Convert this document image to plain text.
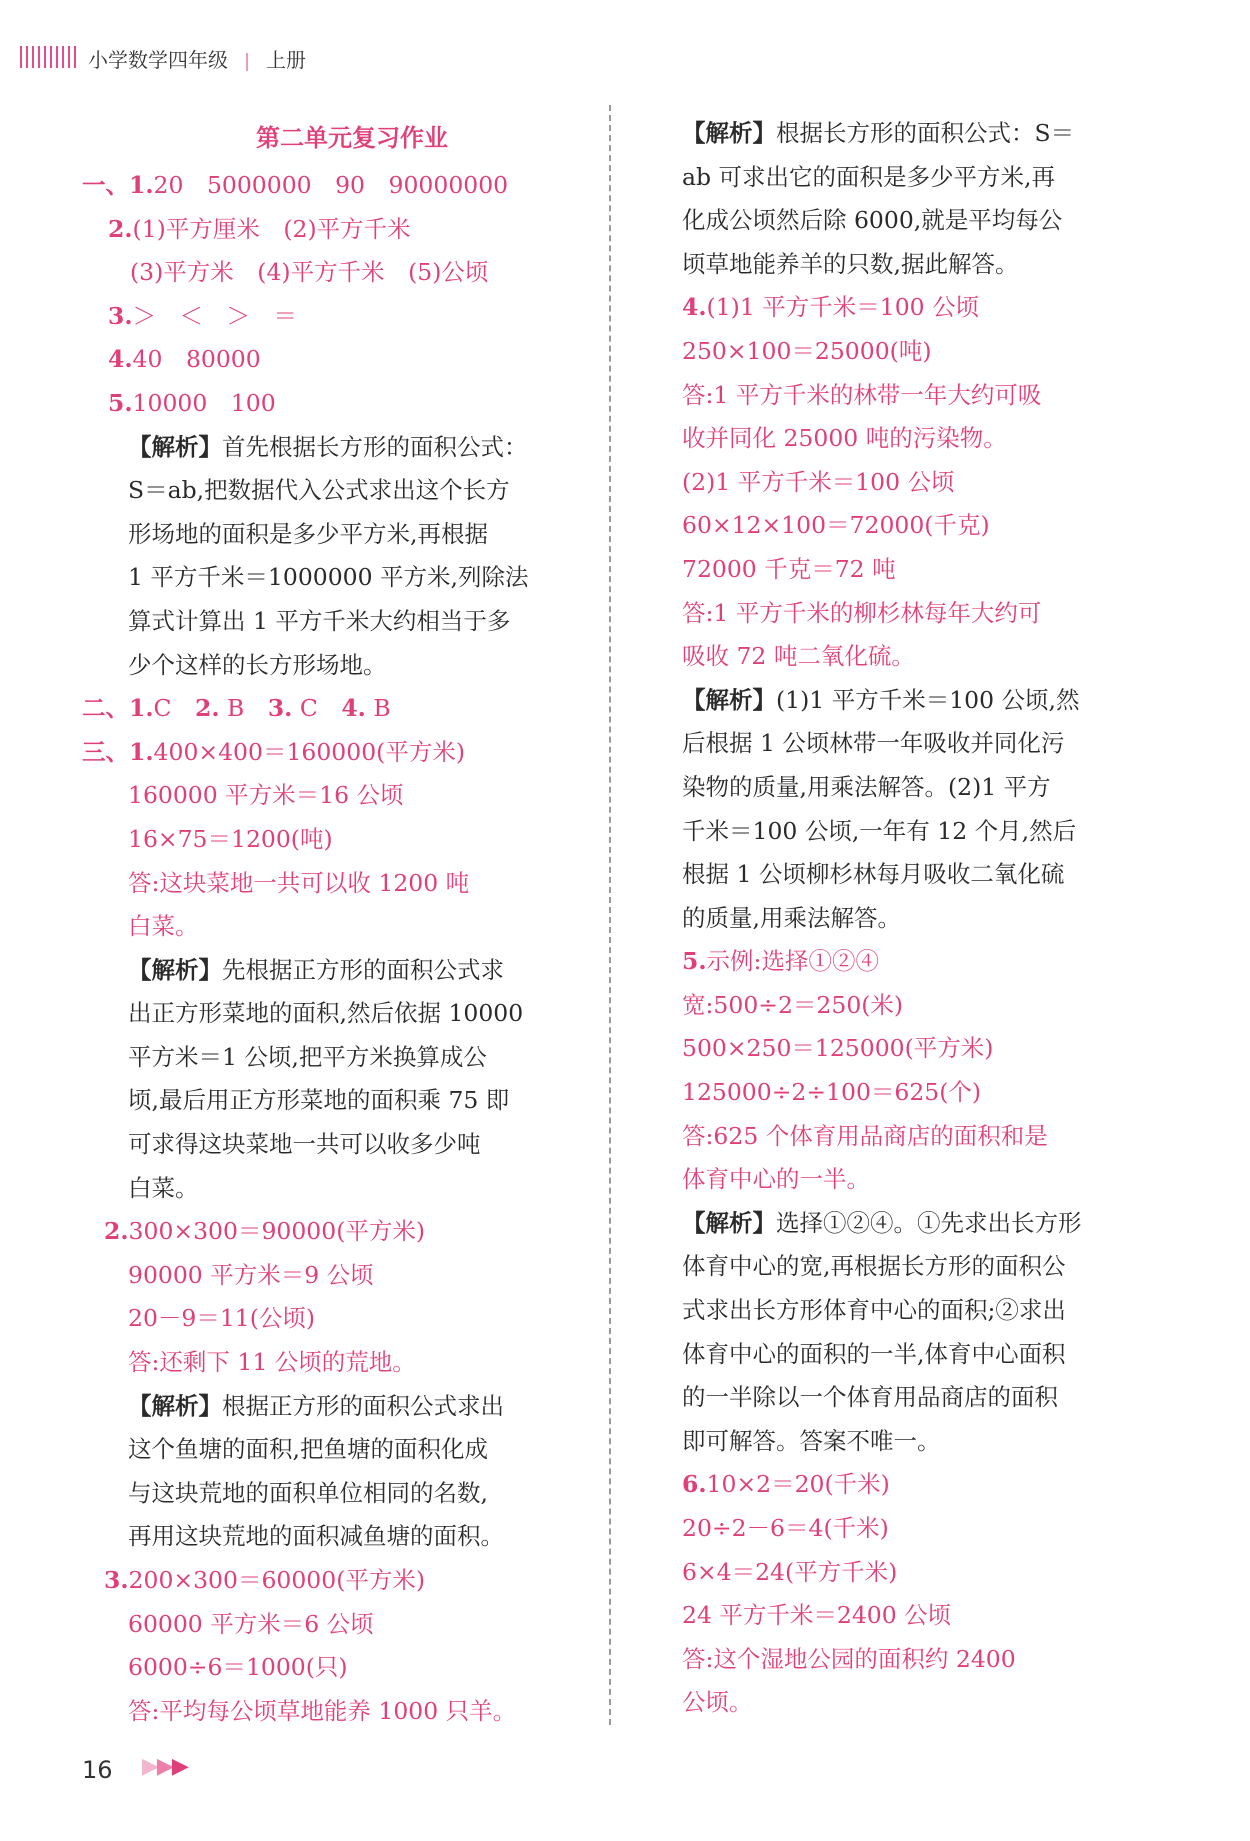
小学数学四年级 上册
第二单元复习作业
一、1.20　5000000　90　90000000
2.(1)平方厘米　(2)平方千米
(3)平方米　(4)平方千米　(5)公顷
3.＞　＜　＞　＝
4.40　80000
5.10000　100
【解析】首先根据长方形的面积公式：
S＝ab,把数据代入公式求出这个长方
形场地的面积是多少平方米,再根据
1 平方千米＝1000000 平方米,列除法
算式计算出 1 平方千米大约相当于多
少个这样的长方形场地。
二、1.C　2. B　3. C　4. B
三、1.400×400＝160000(平方米)
160000 平方米＝16 公顷
16×75＝1200(吨)
答:这块菜地一共可以收 1200 吨
白菜。
【解析】先根据正方形的面积公式求
出正方形菜地的面积,然后依据 10000
平方米＝1 公顷,把平方米换算成公
顷,最后用正方形菜地的面积乘 75 即
可求得这块菜地一共可以收多少吨
白菜。
2.300×300＝90000(平方米)
90000 平方米＝9 公顷
20－9＝11(公顷)
答:还剩下 11 公顷的荒地。
【解析】根据正方形的面积公式求出
这个鱼塘的面积,把鱼塘的面积化成
与这块荒地的面积单位相同的名数,
再用这块荒地的面积减鱼塘的面积。
3.200×300＝60000(平方米)
60000 平方米＝6 公顷
6000÷6＝1000(只)
答:平均每公顷草地能养 1000 只羊。
【解析】根据长方形的面积公式：S＝
ab 可求出它的面积是多少平方米,再
化成公顷然后除 6000,就是平均每公
顷草地能养羊的只数,据此解答。
4.(1)1 平方千米＝100 公顷
250×100＝25000(吨)
答:1 平方千米的林带一年大约可吸
收并同化 25000 吨的污染物。
(2)1 平方千米＝100 公顷
60×12×100＝72000(千克)
72000 千克＝72 吨
答:1 平方千米的柳杉林每年大约可
吸收 72 吨二氧化硫。
【解析】(1)1 平方千米＝100 公顷,然
后根据 1 公顷林带一年吸收并同化污
染物的质量,用乘法解答。(2)1 平方
千米＝100 公顷,一年有 12 个月,然后
根据 1 公顷柳杉林每月吸收二氧化硫
的质量,用乘法解答。
5.示例:选择①②④
宽:500÷2＝250(米)
500×250＝125000(平方米)
125000÷2÷100＝625(个)
答:625 个体育用品商店的面积和是
体育中心的一半。
【解析】选择①②④。①先求出长方形
体育中心的宽,再根据长方形的面积公
式求出长方形体育中心的面积;②求出
体育中心的面积的一半,体育中心面积
的一半除以一个体育用品商店的面积
即可解答。答案不唯一。
6.10×2＝20(千米)
20÷2－6＝4(千米)
6×4＝24(平方千米)
24 平方千米＝2400 公顷
答:这个湿地公园的面积约 2400
公顷。
16 ▶▶▶
